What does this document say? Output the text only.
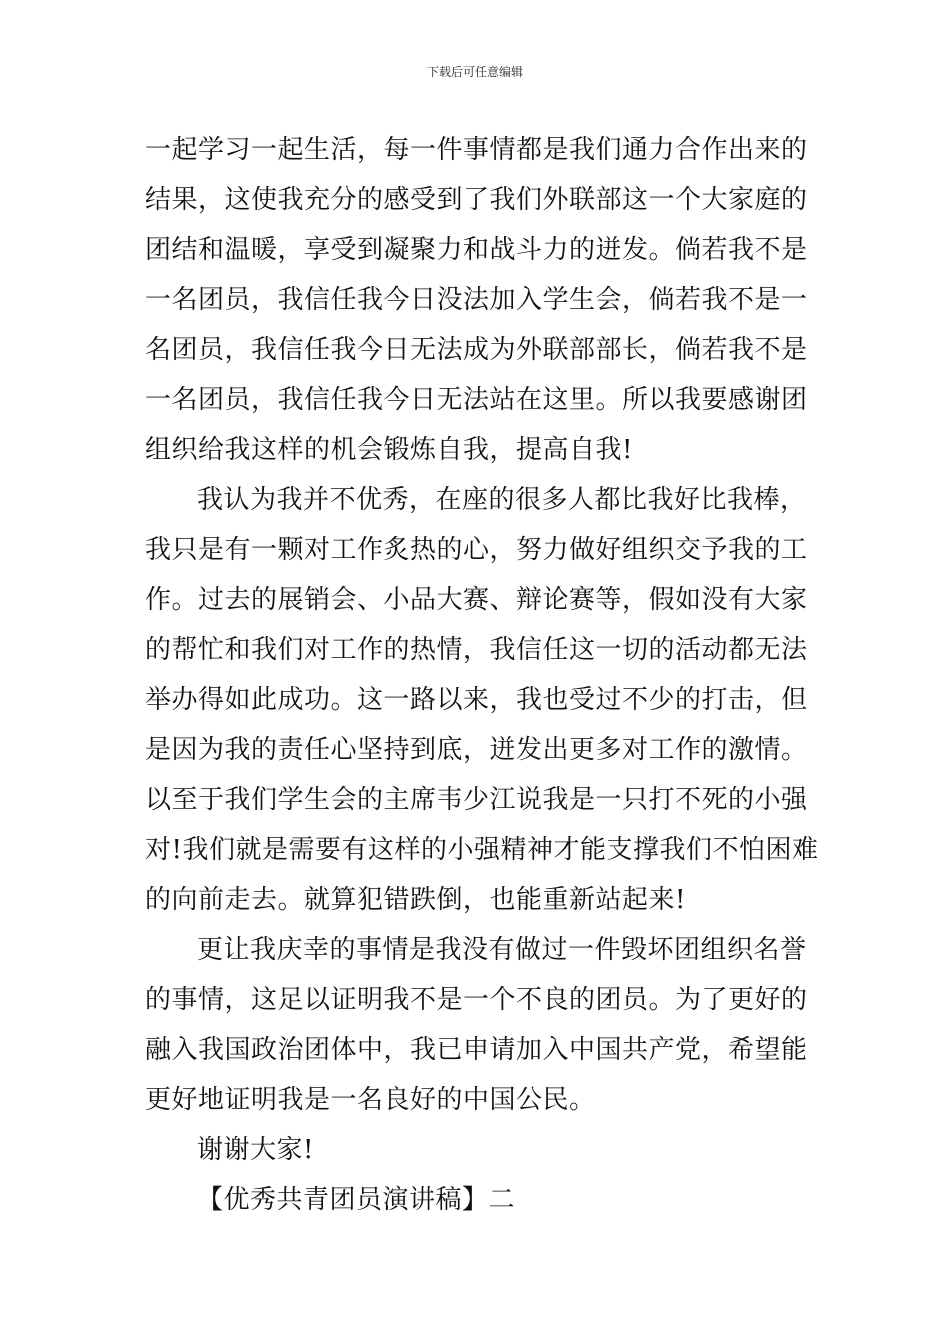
下载后可任意编辑
一起学习一起生活，每一件事情都是我们通力合作出来的
结果，这使我充分的感受到了我们外联部这一个大家庭的
团结和温暖，享受到凝聚力和战斗力的迸发。倘若我不是
一名团员，我信任我今日没法加入学生会，倘若我不是一
名团员，我信任我今日无法成为外联部部长，倘若我不是
一名团员，我信任我今日无法站在这里。所以我要感谢团
组织给我这样的机会锻炼自我，提高自我!
我认为我并不优秀，在座的很多人都比我好比我棒，
我只是有一颗对工作炙热的心，努力做好组织交予我的工
作。过去的展销会、小品大赛、辩论赛等，假如没有大家
的帮忙和我们对工作的热情，我信任这一切的活动都无法
举办得如此成功。这一路以来，我也受过不少的打击，但
是因为我的责任心坚持到底，迸发出更多对工作的激情。
以至于我们学生会的主席韦少江说我是一只打不死的小强
对!我们就是需要有这样的小强精神才能支撑我们不怕困难
的向前走去。就算犯错跌倒，也能重新站起来!
更让我庆幸的事情是我没有做过一件毁坏团组织名誉
的事情，这足以证明我不是一个不良的团员。为了更好的
融入我国政治团体中，我已申请加入中国共产党，希望能
更好地证明我是一名良好的中国公民。
谢谢大家!
【优秀共青团员演讲稿】二
